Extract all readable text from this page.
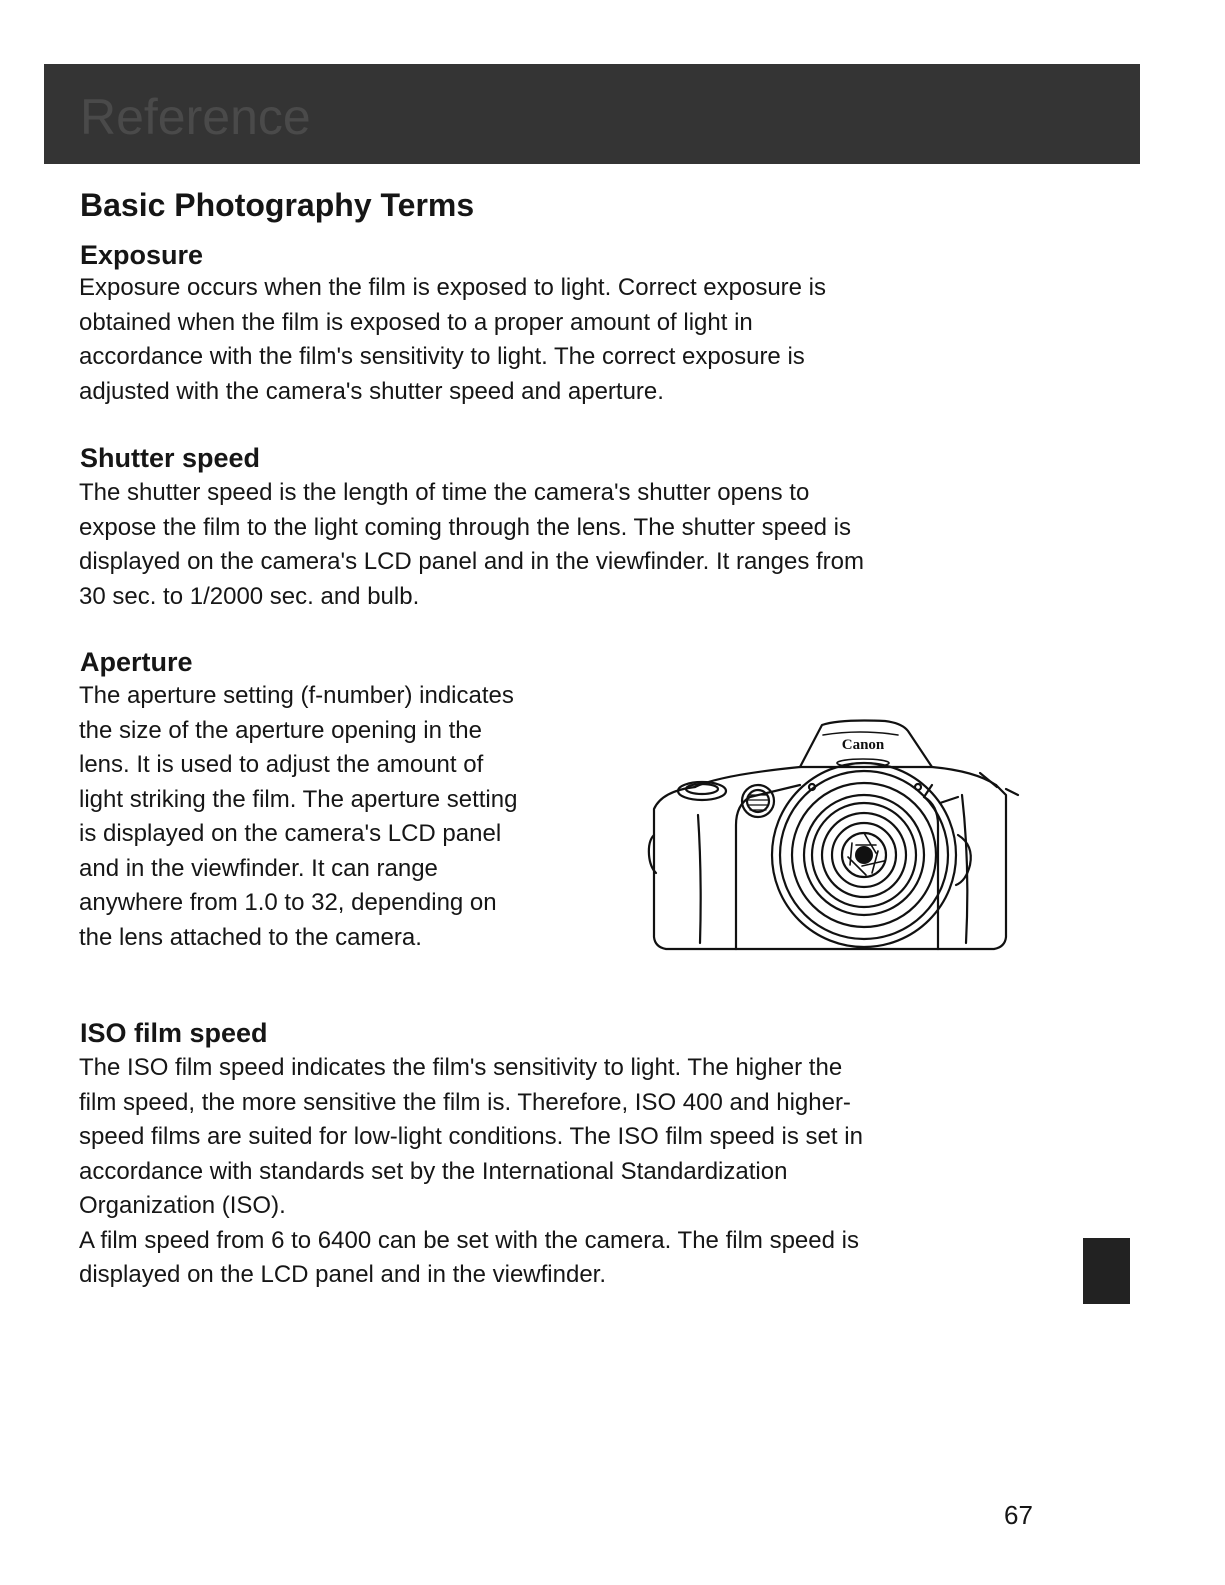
Reference
Basic Photography Terms
Exposure

Exposure occurs when the film is exposed to light. Correct exposure is
obtained when the film is exposed to a proper amount of light in
accordance with the film's sensitivity to light. The correct exposure is
adjusted with the camera's shutter speed and aperture.

Shutter speed

The shutter speed is the length of time the camera's shutter opens to
expose the film to the light coming through the lens. The shutter speed is
displayed on the camera's LCD panel and in the viewfinder. It ranges from
30 sec. to 1/2000 sec. and bulb.

Aperture

The aperture setting (f-number) indicates
the size of the aperture opening in the
lens. It is used to adjust the amount of
light striking the film. The aperture setting
is displayed on the camera's LCD panel
and in the viewfinder. It can range
anywhere from 1.0 to 32, depending on
the lens attached to the camera.

Canon
ISO film speed

The ISO film speed indicates the film's sensitivity to light. The higher the
film speed, the more sensitive the film is. Therefore, ISO 400 and higher-
speed films are suited for low-light conditions. The ISO film speed is set in
accordance with standards set by the International Standardization
Organization (ISO).
A film speed from 6 to 6400 can be set with the camera. The film speed is
displayed on the LCD panel and in the viewfinder.

67
